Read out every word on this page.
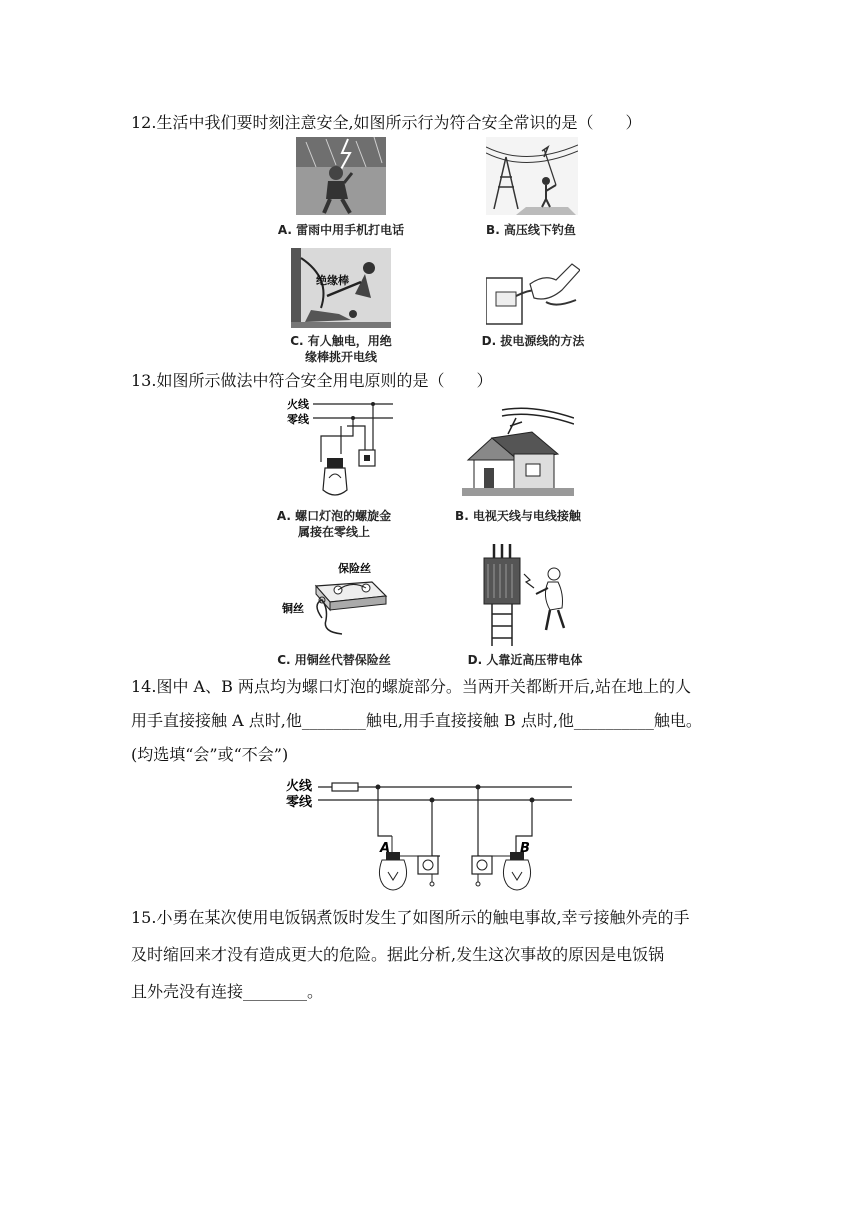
12.生活中我们要时刻注意安全,如图所示行为符合安全常识的是（　　）
A. 雷雨中用手机打电话	B. 高压线下钓鱼
绝缘棒
C. 有人触电，用绝
缘棒挑开电线
D. 拔电源线的方法
13.如图所示做法中符合安全用电原则的是（　　）
火线
零线
A. 螺口灯泡的螺旋金
属接在零线上
B. 电视天线与电线接触
保险丝
铜丝
C. 用铜丝代替保险丝	D. 人靠近高压带电体
14.图中 A、B 两点均为螺口灯泡的螺旋部分。当两开关都断开后,站在地上的人
用手直接接触 A 点时,他________触电,用手直接接触 B 点时,他__________触电。
(均选填“会”或“不会”)
火线
零线
A	B
15.小勇在某次使用电饭锅煮饭时发生了如图所示的触电事故,幸亏接触外壳的手
及时缩回来才没有造成更大的危险。据此分析,发生这次事故的原因是电饭锅
且外壳没有连接________。
